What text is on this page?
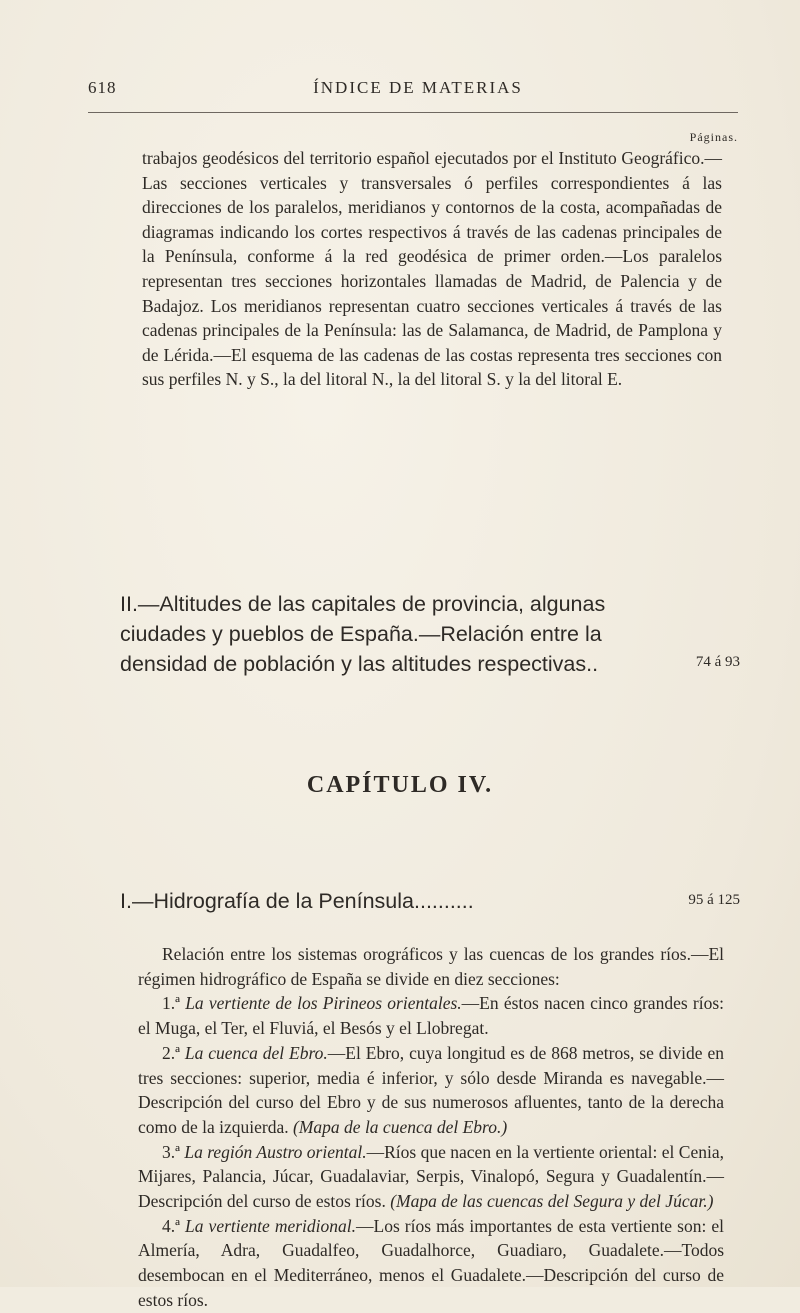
618	ÍNDICE DE MATERIAS
Páginas.

trabajos geodésicos del territorio español ejecutados por el Instituto Geográfico.—Las secciones verticales y transversales ó perfiles correspondientes á las direcciones de los paralelos, meridianos y contornos de la costa, acompañadas de diagramas indicando los cortes respectivos á través de las cadenas principales de la Península, conforme á la red geodésica de primer orden.—Los paralelos representan tres secciones horizontales llamadas de Madrid, de Palencia y de Badajoz. Los meridianos representan cuatro secciones verticales á través de las cadenas principales de la Península: las de Salamanca, de Madrid, de Pamplona y de Lérida.—El esquema de las cadenas de las costas representa tres secciones con sus perfiles N. y S., la del litoral N., la del litoral S. y la del litoral E.

II.—Altitudes de las capitales de provincia, algunas ciudades y pueblos de España.—Relación entre la densidad de población y las altitudes respectivas..	74 á 93
CAPÍTULO IV.

I.—Hidrografía de la Península..........	95 á 125

Relación entre los sistemas orográficos y las cuencas de los grandes ríos.—El régimen hidrográfico de España se divide en diez secciones:

1.ª La vertiente de los Pirineos orientales.—En éstos nacen cinco grandes ríos: el Muga, el Ter, el Fluviá, el Besós y el Llobregat.

2.ª La cuenca del Ebro.—El Ebro, cuya longitud es de 868 metros, se divide en tres secciones: superior, media é inferior, y sólo desde Miranda es navegable.—Descripción del curso del Ebro y de sus numerosos afluentes, tanto de la derecha como de la izquierda. (Mapa de la cuenca del Ebro.)

3.ª La región Austro oriental.—Ríos que nacen en la vertiente oriental: el Cenia, Mijares, Palancia, Júcar, Guadalaviar, Serpis, Vinalopó, Segura y Guadalentín.—Descripción del curso de estos ríos. (Mapa de las cuencas del Segura y del Júcar.)

4.ª La vertiente meridional.—Los ríos más importantes de esta vertiente son: el Almería, Adra, Guadalfeo, Guadalhorce, Guadiaro, Guadalete.—Todos desembocan en el Mediterráneo, menos el Guadalete.—Descripción del curso de estos ríos.
